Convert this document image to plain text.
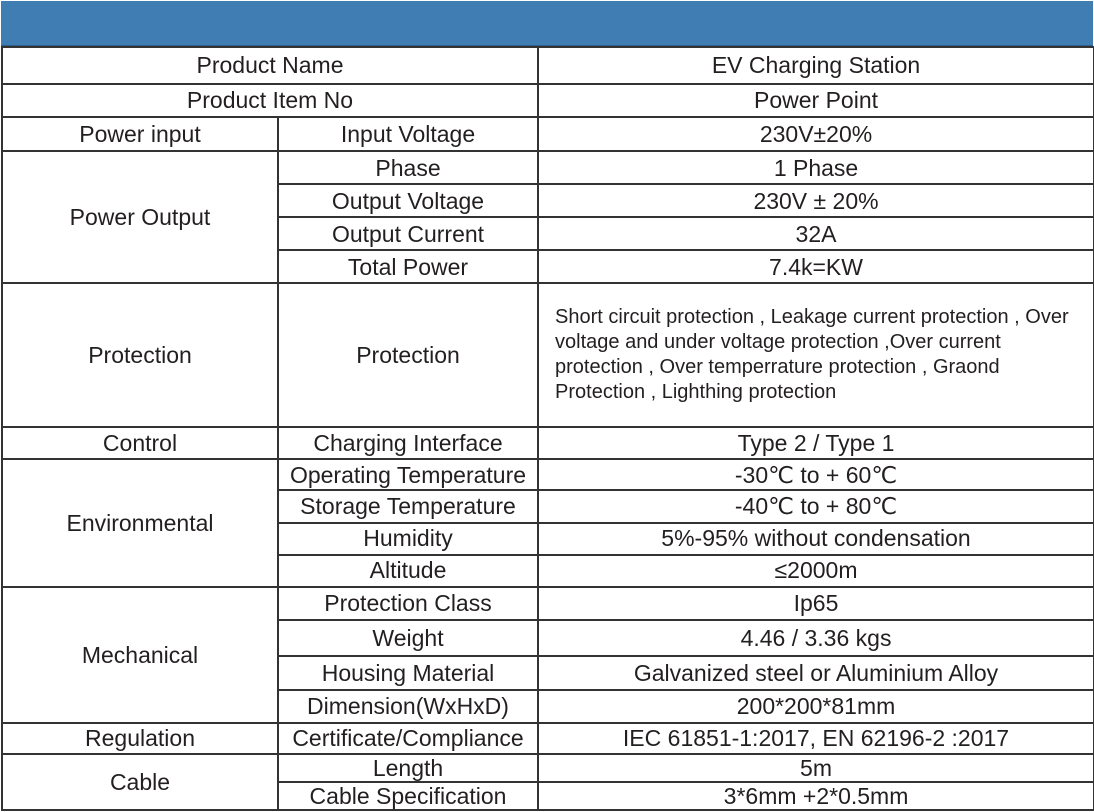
Product Name		EV Charging Station
Product Item No		Power Point
Power input	Input Voltage	230V±20%
Power Output	Phase	1 Phase
	Output Voltage	230V ± 20%
	Output Current	32A
	Total Power	7.4k=KW
Protection	Protection	Short circuit protection , Leakage current protection , Over voltage and under voltage protection ,Over current protection , Over temperrature protection , Graond Protection , Lighthing protection
Control	Charging Interface	Type 2 / Type 1
Environmental	Operating Temperature	-30℃ to + 60℃
	Storage Temperature	-40℃ to + 80℃
	Humidity	5%-95% without condensation
	Altitude	≤2000m
Mechanical	Protection Class	Ip65
	Weight	4.46 / 3.36 kgs
	Housing Material	Galvanized steel or Aluminium Alloy
	Dimension(WxHxD)	200*200*81mm
Regulation	Certificate/Compliance	IEC 61851-1:2017, EN 62196-2 :2017
Cable	Length	5m
	Cable Specification	3*6mm +2*0.5mm
